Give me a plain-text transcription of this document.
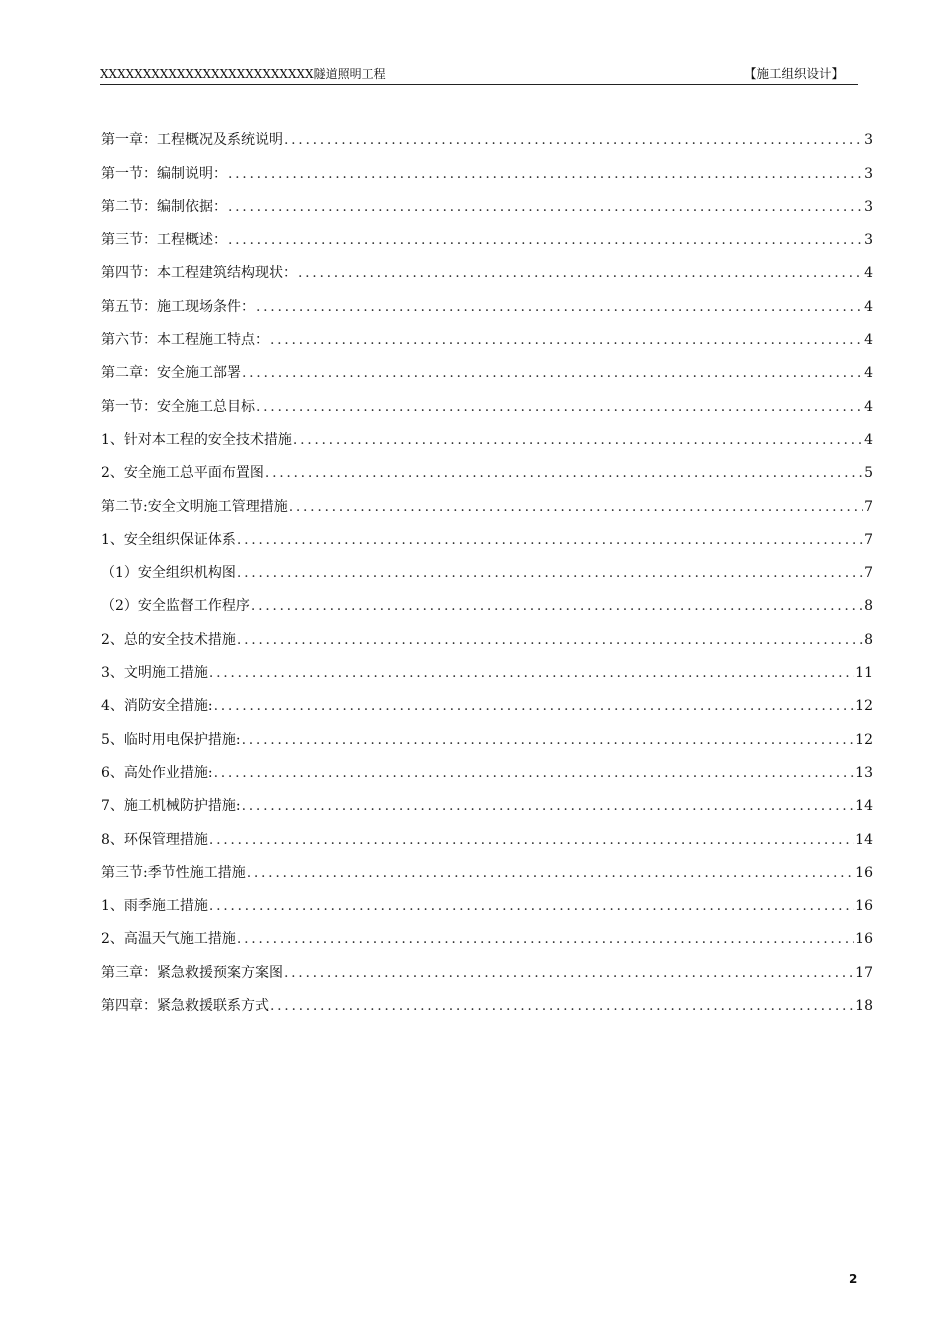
XXXXXXXXXXXXXXXXXXXXXXXXX隧道照明工程	【施工组织设计】
第一章：工程概况及系统说明 .....	3
第一节：编制说明： .....	3
第二节：编制依据： .....	3
第三节：工程概述： .....	3
第四节：本工程建筑结构现状： .....	4
第五节：施工现场条件： .....	4
第六节：本工程施工特点： .....	4
第二章：安全施工部署 .....	4
第一节：安全施工总目标 .....	4
1、针对本工程的安全技术措施 .....	4
2、安全施工总平面布置图 .....	5
第二节:安全文明施工管理措施 .....	7
1、安全组织保证体系 .....	7
（1）安全组织机构图 .....	7
（2）安全监督工作程序 .....	8
2、总的安全技术措施 .....	8
3、文明施工措施 .....	11
4、消防安全措施: .....	12
5、临时用电保护措施: .....	12
6、高处作业措施: .....	13
7、施工机械防护措施: .....	14
8、环保管理措施 .....	14
第三节:季节性施工措施 .....	16
1、雨季施工措施 .....	16
2、高温天气施工措施 .....	16
第三章：紧急救援预案方案图 .....	17
第四章：紧急救援联系方式 .....	18
2
